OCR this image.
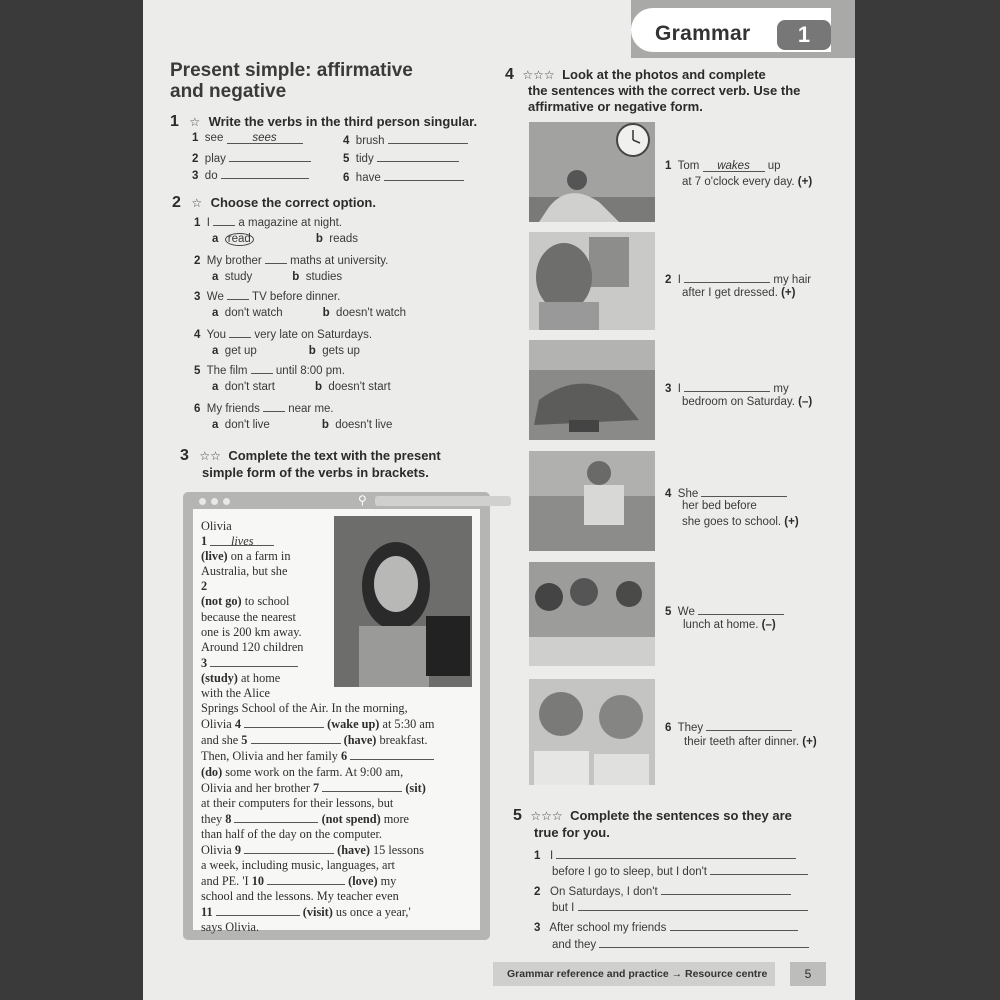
Grammar	1
Present simple: affirmative
and negative
1 ☆ Write the verbs in the third person singular.
1 see	sees
2 play
3 do
4 brush
5 tidy
6 have
2 ☆ Choose the correct option.
1 I a magazine at night.
a read	b reads
2 My brother maths at university.
a study	b studies
3 We TV before dinner.
a don't watch	b doesn't watch
4 You very late on Saturdays.
a get up	b gets up
5 The film until 8:00 pm.
a don't start	b doesn't start
6 My friends near me.
a don't live	b doesn't live
3 ☆☆ Complete the text with the present
simple form of the verbs in brackets.
⚲
Olivia
1 lives
(live) on a farm in
Australia, but she
2
(not go) to school
because the nearest
one is 200 km away.
Around 120 children
3
(study) at home
with the Alice
Springs School of the Air. In the morning,
Olivia 4	(wake up) at 5:30 am
and she 5	(have) breakfast.
Then, Olivia and her family 6
(do) some work on the farm. At 9:00 am,
Olivia and her brother 7	(sit)
at their computers for their lessons, but
they 8	(not spend) more
than half of the day on the computer.
Olivia 9	(have) 15 lessons
a week, including music, languages, art
and PE. 'I 10	(love) my
school and the lessons. My teacher even
11	(visit) us once a year,'
says Olivia.
4 ☆☆☆ Look at the photos and complete
the sentences with the correct verb. Use the
affirmative or negative form.
1 Tom wakes up
at 7 o'clock every day. (+)
2 I	my hair
after I get dressed. (+)
3 I	my
bedroom on Saturday. (–)
4 She
her bed before
she goes to school. (+)
5 We
lunch at home. (–)
6 They
their teeth after dinner. (+)
5 ☆☆☆ Complete the sentences so they are
true for you.
1 I
before I go to sleep, but I don't
2 On Saturdays, I don't
but I
3 After school my friends
and they
Grammar reference and practice → Resource centre	5
